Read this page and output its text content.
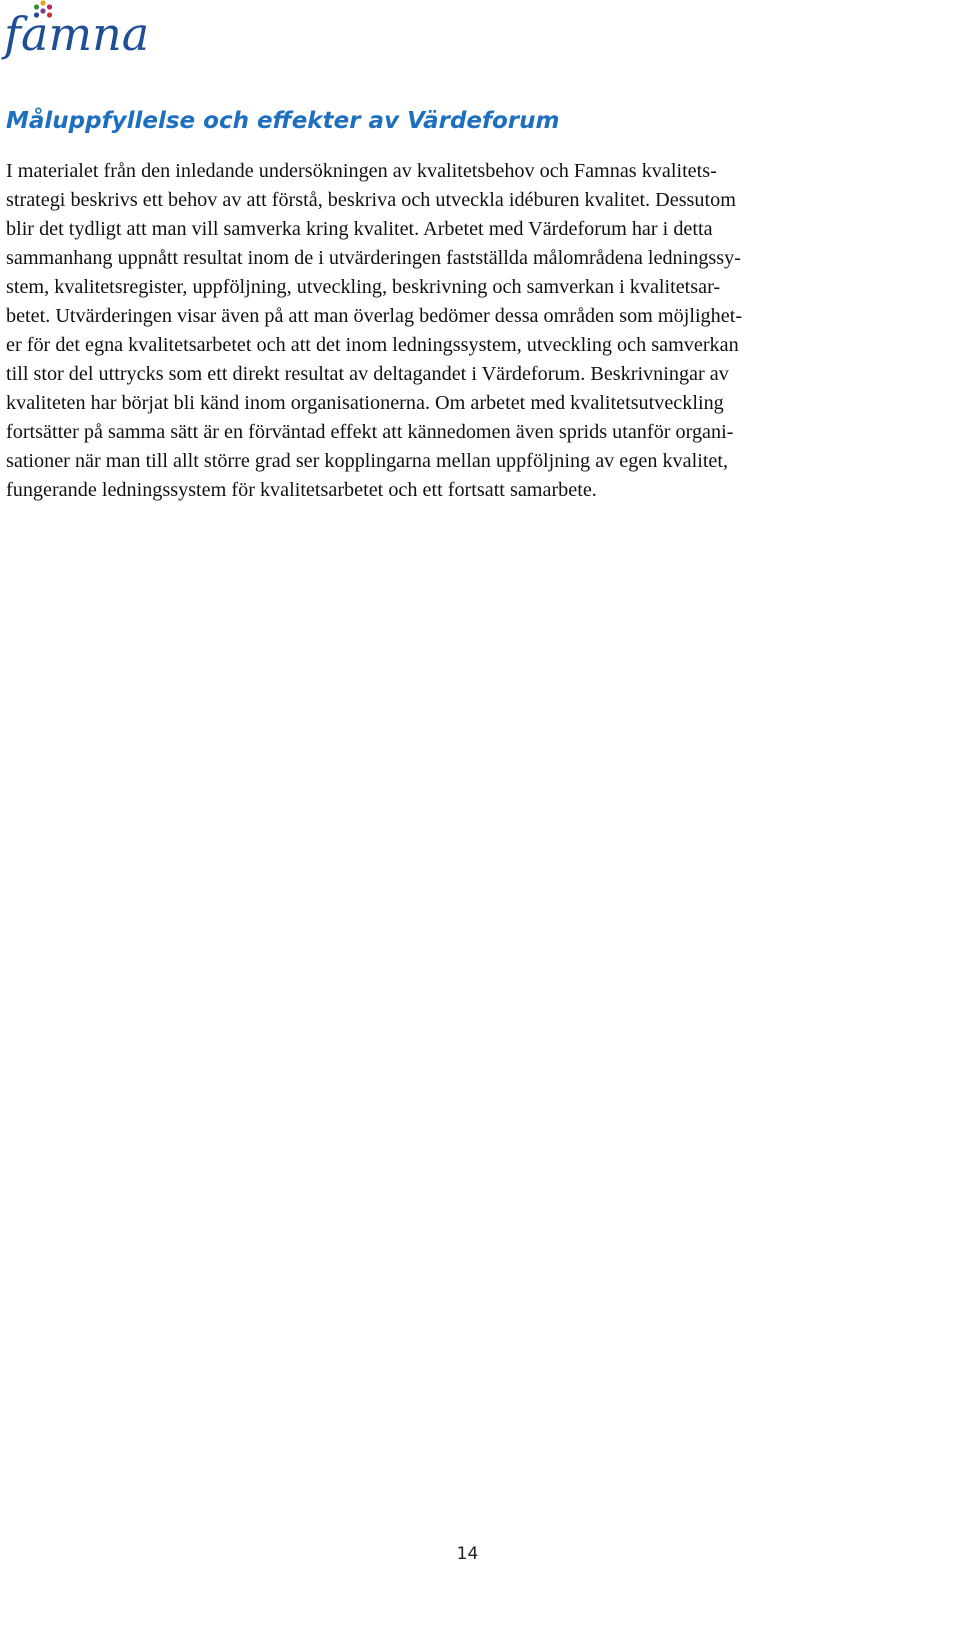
famna
Måluppfyllelse och effekter av Värdeforum

I materialet från den inledande undersökningen av kvalitetsbehov och Famnas kvalitets-
strategi beskrivs ett behov av att förstå, beskriva och utveckla idéburen kvalitet. Dessutom
blir det tydligt att man vill samverka kring kvalitet. Arbetet med Värdeforum har i detta
sammanhang uppnått resultat inom de i utvärderingen fastställda målområdena ledningssy-
stem, kvalitetsregister, uppföljning, utveckling, beskrivning och samverkan i kvalitetsar-
betet. Utvärderingen visar även på att man överlag bedömer dessa områden som möjlighet-
er för det egna kvalitetsarbetet och att det inom ledningssystem, utveckling och samverkan
till stor del uttrycks som ett direkt resultat av deltagandet i Värdeforum. Beskrivningar av
kvaliteten har börjat bli känd inom organisationerna. Om arbetet med kvalitetsutveckling
fortsätter på samma sätt är en förväntad effekt att kännedomen även sprids utanför organi-
sationer när man till allt större grad ser kopplingarna mellan uppföljning av egen kvalitet,
fungerande ledningssystem för kvalitetsarbetet och ett fortsatt samarbete.

14
